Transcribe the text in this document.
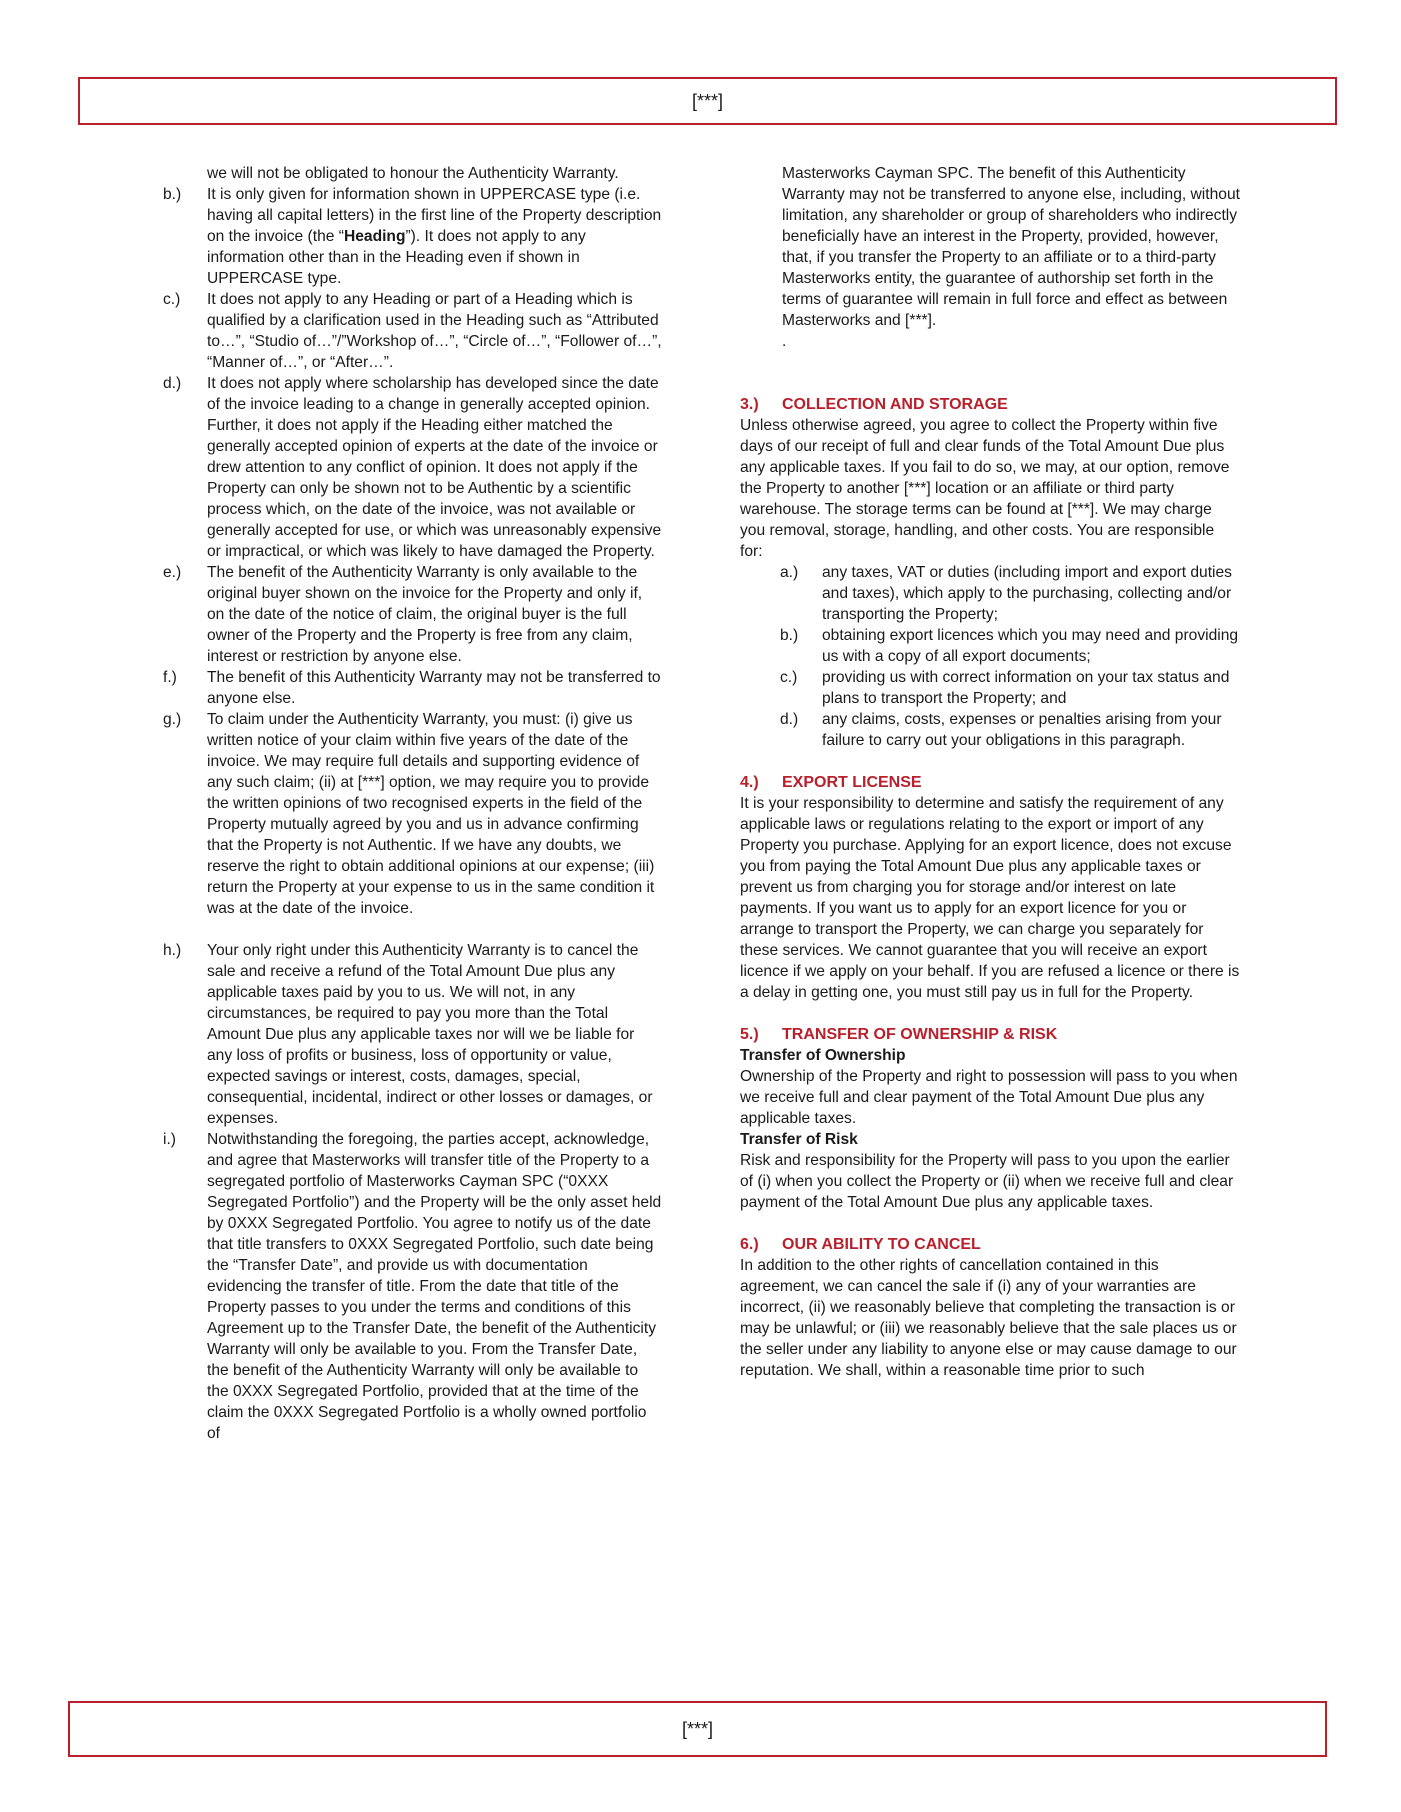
[***]
we will not be obligated to honour the Authenticity Warranty.
b.)	It is only given for information shown in UPPERCASE type (i.e. having all capital letters) in the first line of the Property description on the invoice (the “Heading”). It does not apply to any information other than in the Heading even if shown in UPPERCASE type.
c.)	It does not apply to any Heading or part of a Heading which is qualified by a clarification used in the Heading such as “Attributed to…”, “Studio of…”/”Workshop of…”, “Circle of…”, “Follower of…”, “Manner of…”, or “After…”.
d.)	It does not apply where scholarship has developed since the date of the invoice leading to a change in generally accepted opinion. Further, it does not apply if the Heading either matched the generally accepted opinion of experts at the date of the invoice or drew attention to any conflict of opinion. It does not apply if the Property can only be shown not to be Authentic by a scientific process which, on the date of the invoice, was not available or generally accepted for use, or which was unreasonably expensive or impractical, or which was likely to have damaged the Property.
e.)	The benefit of the Authenticity Warranty is only available to the original buyer shown on the invoice for the Property and only if, on the date of the notice of claim, the original buyer is the full owner of the Property and the Property is free from any claim, interest or restriction by anyone else.
f.)	The benefit of this Authenticity Warranty may not be transferred to anyone else.
g.)	To claim under the Authenticity Warranty, you must: (i) give us written notice of your claim within five years of the date of the invoice. We may require full details and supporting evidence of any such claim; (ii) at [***] option, we may require you to provide the written opinions of two recognised experts in the field of the Property mutually agreed by you and us in advance confirming that the Property is not Authentic. If we have any doubts, we reserve the right to obtain additional opinions at our expense; (iii) return the Property at your expense to us in the same condition it was at the date of the invoice.
h.)	Your only right under this Authenticity Warranty is to cancel the sale and receive a refund of the Total Amount Due plus any applicable taxes paid by you to us. We will not, in any circumstances, be required to pay you more than the Total Amount Due plus any applicable taxes nor will we be liable for any loss of profits or business, loss of opportunity or value, expected savings or interest, costs, damages, special, consequential, incidental, indirect or other losses or damages, or expenses.
i.)	Notwithstanding the foregoing, the parties accept, acknowledge, and agree that Masterworks will transfer title of the Property to a segregated portfolio of Masterworks Cayman SPC (“0XXX Segregated Portfolio”) and the Property will be the only asset held by 0XXX Segregated Portfolio. You agree to notify us of the date that title transfers to 0XXX Segregated Portfolio, such date being the “Transfer Date”, and provide us with documentation evidencing the transfer of title. From the date that title of the Property passes to you under the terms and conditions of this Agreement up to the Transfer Date, the benefit of the Authenticity Warranty will only be available to you. From the Transfer Date, the benefit of the Authenticity Warranty will only be available to the 0XXX Segregated Portfolio, provided that at the time of the claim the 0XXX Segregated Portfolio is a wholly owned portfolio of
Masterworks Cayman SPC. The benefit of this Authenticity Warranty may not be transferred to anyone else, including, without limitation, any shareholder or group of shareholders who indirectly beneficially have an interest in the Property, provided, however, that, if you transfer the Property to an affiliate or to a third-party Masterworks entity, the guarantee of authorship set forth in the terms of guarantee will remain in full force and effect as between Masterworks and [***].
.
3.)	COLLECTION AND STORAGE
Unless otherwise agreed, you agree to collect the Property within five days of our receipt of full and clear funds of the Total Amount Due plus any applicable taxes. If you fail to do so, we may, at our option, remove the Property to another [***] location or an affiliate or third party warehouse. The storage terms can be found at [***]. We may charge you removal, storage, handling, and other costs. You are responsible for:
a.)	any taxes, VAT or duties (including import and export duties and taxes), which apply to the purchasing, collecting and/or transporting the Property;
b.)	obtaining export licences which you may need and providing us with a copy of all export documents;
c.)	providing us with correct information on your tax status and plans to transport the Property; and
d.)	any claims, costs, expenses or penalties arising from your failure to carry out your obligations in this paragraph.
4.)	EXPORT LICENSE
It is your responsibility to determine and satisfy the requirement of any applicable laws or regulations relating to the export or import of any Property you purchase. Applying for an export licence, does not excuse you from paying the Total Amount Due plus any applicable taxes or prevent us from charging you for storage and/or interest on late payments. If you want us to apply for an export licence for you or arrange to transport the Property, we can charge you separately for these services. We cannot guarantee that you will receive an export licence if we apply on your behalf. If you are refused a licence or there is a delay in getting one, you must still pay us in full for the Property.
5.)	TRANSFER OF OWNERSHIP & RISK
Transfer of Ownership
Ownership of the Property and right to possession will pass to you when we receive full and clear payment of the Total Amount Due plus any applicable taxes.
Transfer of Risk
Risk and responsibility for the Property will pass to you upon the earlier of (i) when you collect the Property or (ii) when we receive full and clear payment of the Total Amount Due plus any applicable taxes.
6.)	OUR ABILITY TO CANCEL
In addition to the other rights of cancellation contained in this agreement, we can cancel the sale if (i) any of your warranties are incorrect, (ii) we reasonably believe that completing the transaction is or may be unlawful; or (iii) we reasonably believe that the sale places us or the seller under any liability to anyone else or may cause damage to our reputation. We shall, within a reasonable time prior to such
[***]
